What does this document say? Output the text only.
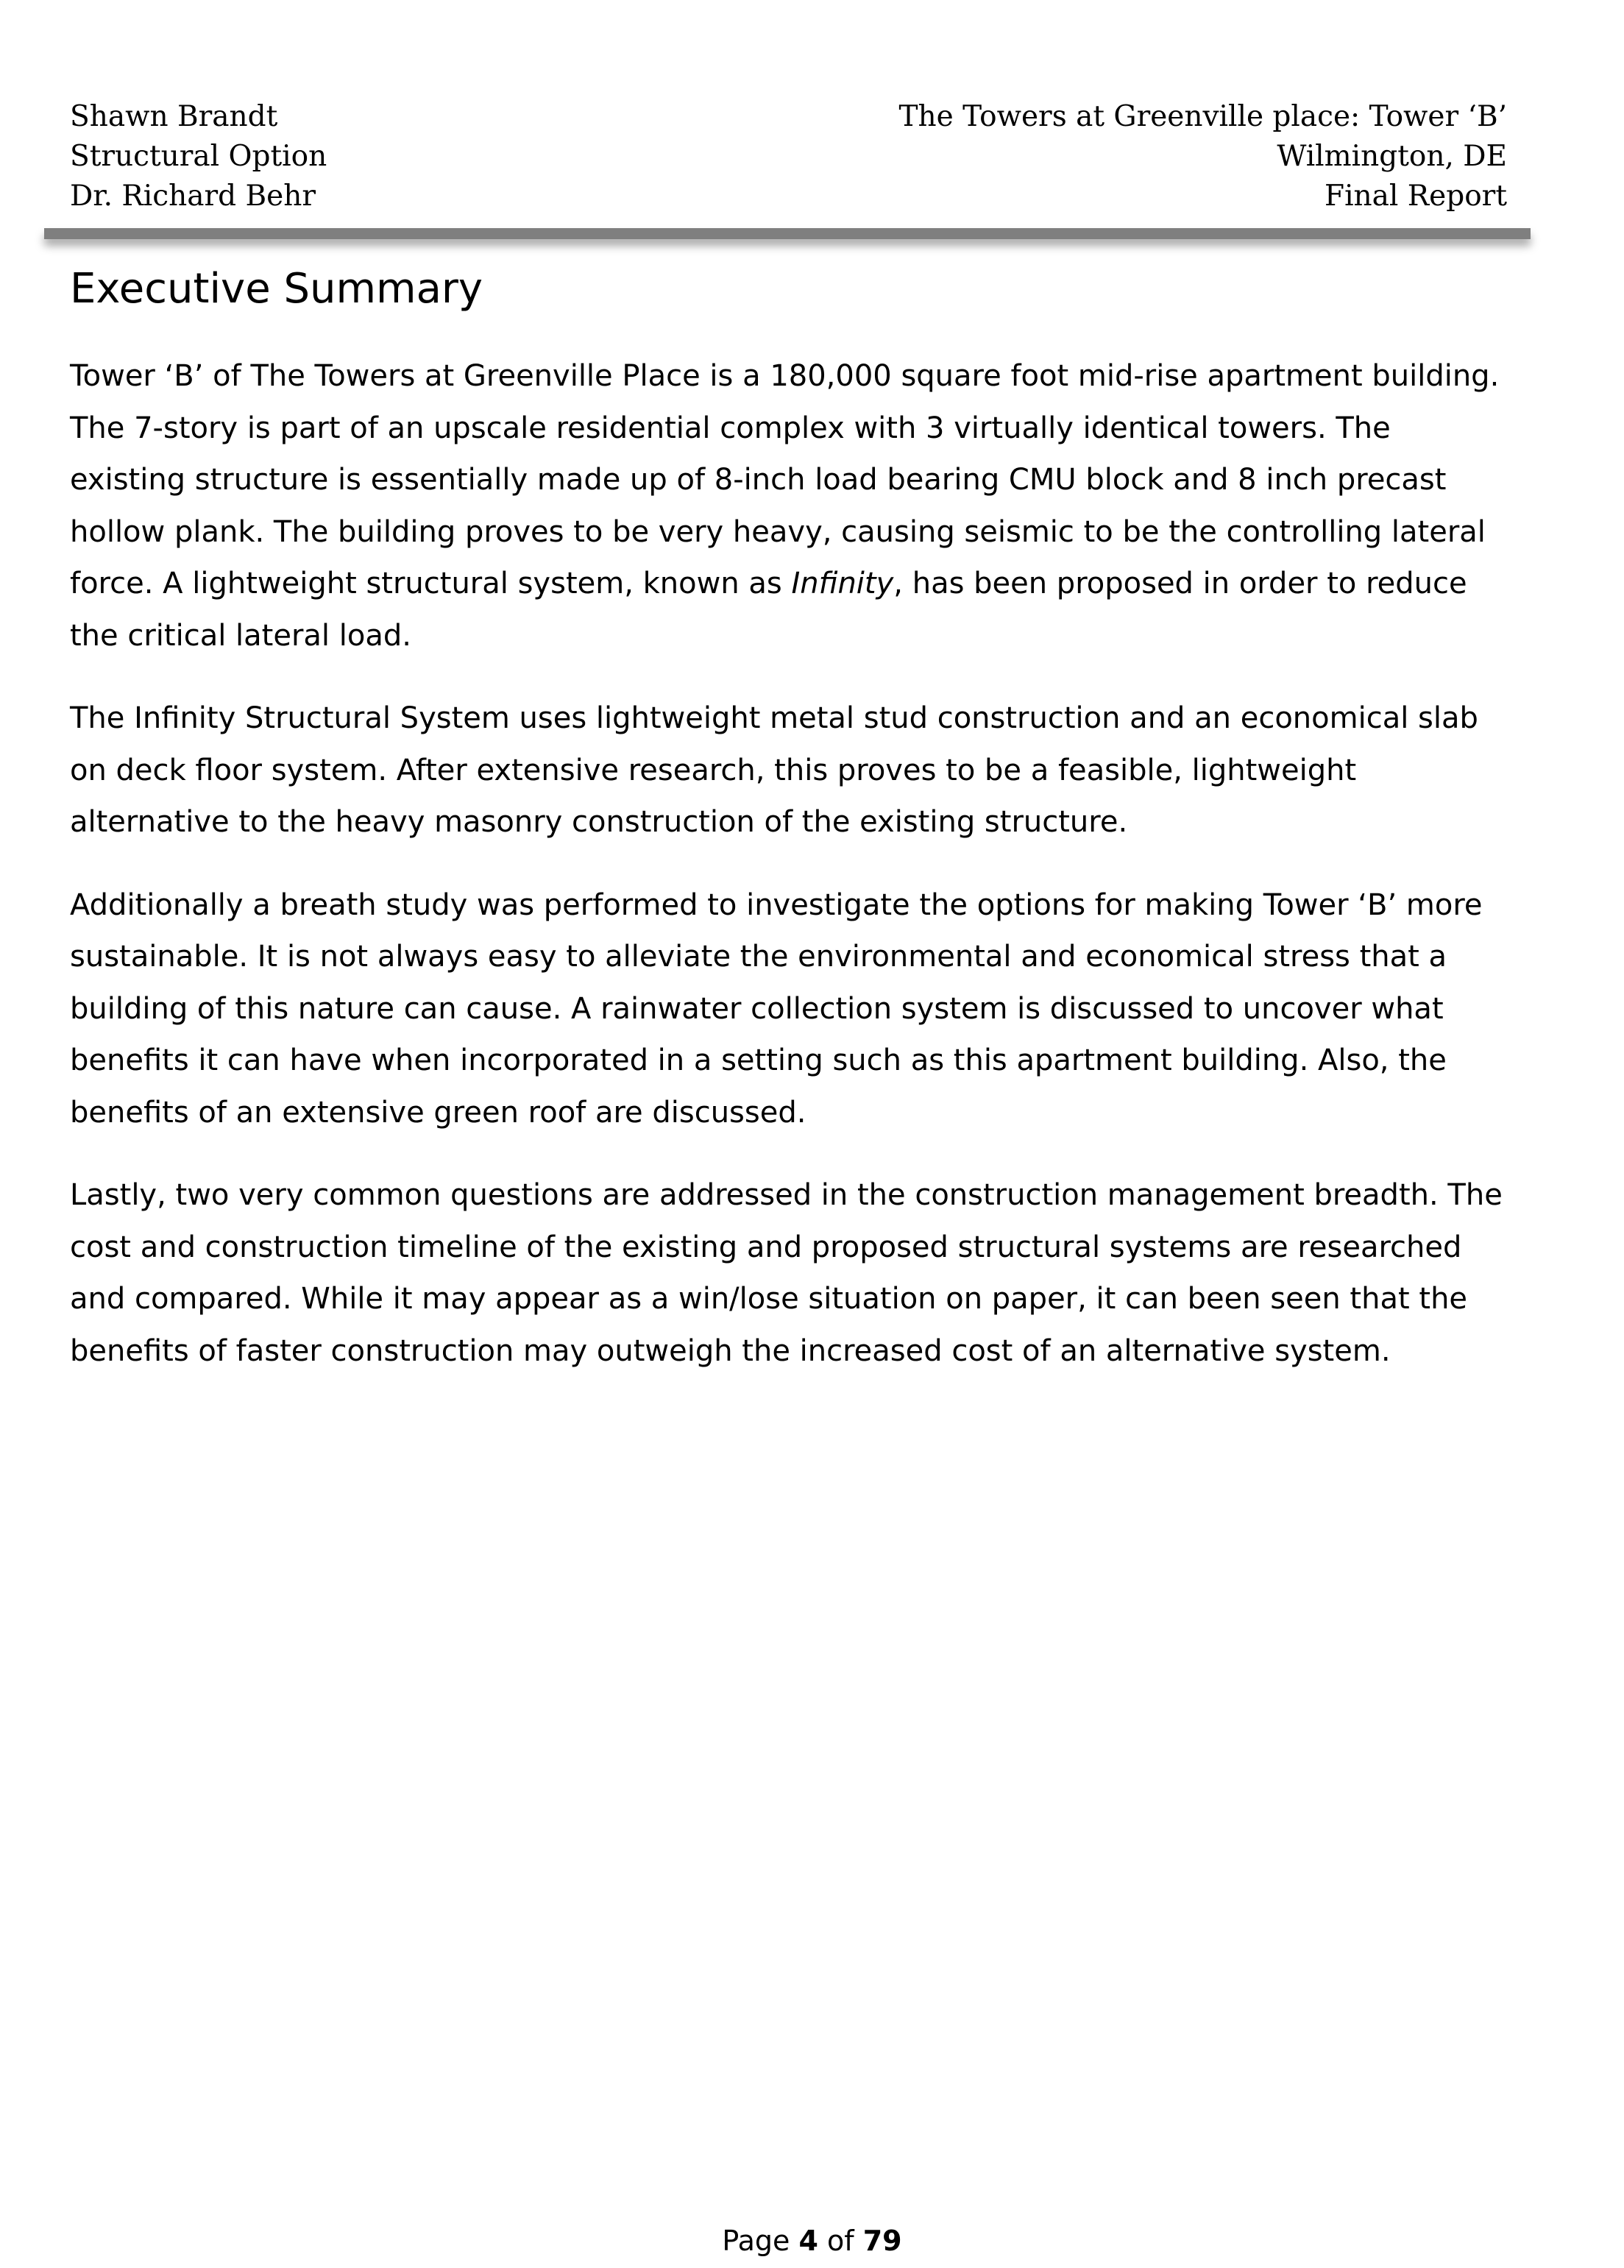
Shawn Brandt
Structural Option
Dr. Richard Behr
The Towers at Greenville place: Tower ‘B’
Wilmington, DE
Final Report
Executive Summary

Tower ‘B’ of The Towers at Greenville Place is a 180,000 square foot mid-rise apartment building. The 7-story is part of an upscale residential complex with 3 virtually identical towers. The existing structure is essentially made up of 8-inch load bearing CMU block and 8 inch precast hollow plank. The building proves to be very heavy, causing seismic to be the controlling lateral force. A lightweight structural system, known as Infinity, has been proposed in order to reduce the critical lateral load.

The Infinity Structural System uses lightweight metal stud construction and an economical slab on deck floor system. After extensive research, this proves to be a feasible, lightweight alternative to the heavy masonry construction of the existing structure.

Additionally a breath study was performed to investigate the options for making Tower ‘B’ more sustainable. It is not always easy to alleviate the environmental and economical stress that a building of this nature can cause. A rainwater collection system is discussed to uncover what benefits it can have when incorporated in a setting such as this apartment building. Also, the benefits of an extensive green roof are discussed.

Lastly, two very common questions are addressed in the construction management breadth. The cost and construction timeline of the existing and proposed structural systems are researched and compared. While it may appear as a win/lose situation on paper, it can been seen that the benefits of faster construction may outweigh the increased cost of an alternative system.

Page 4 of 79
